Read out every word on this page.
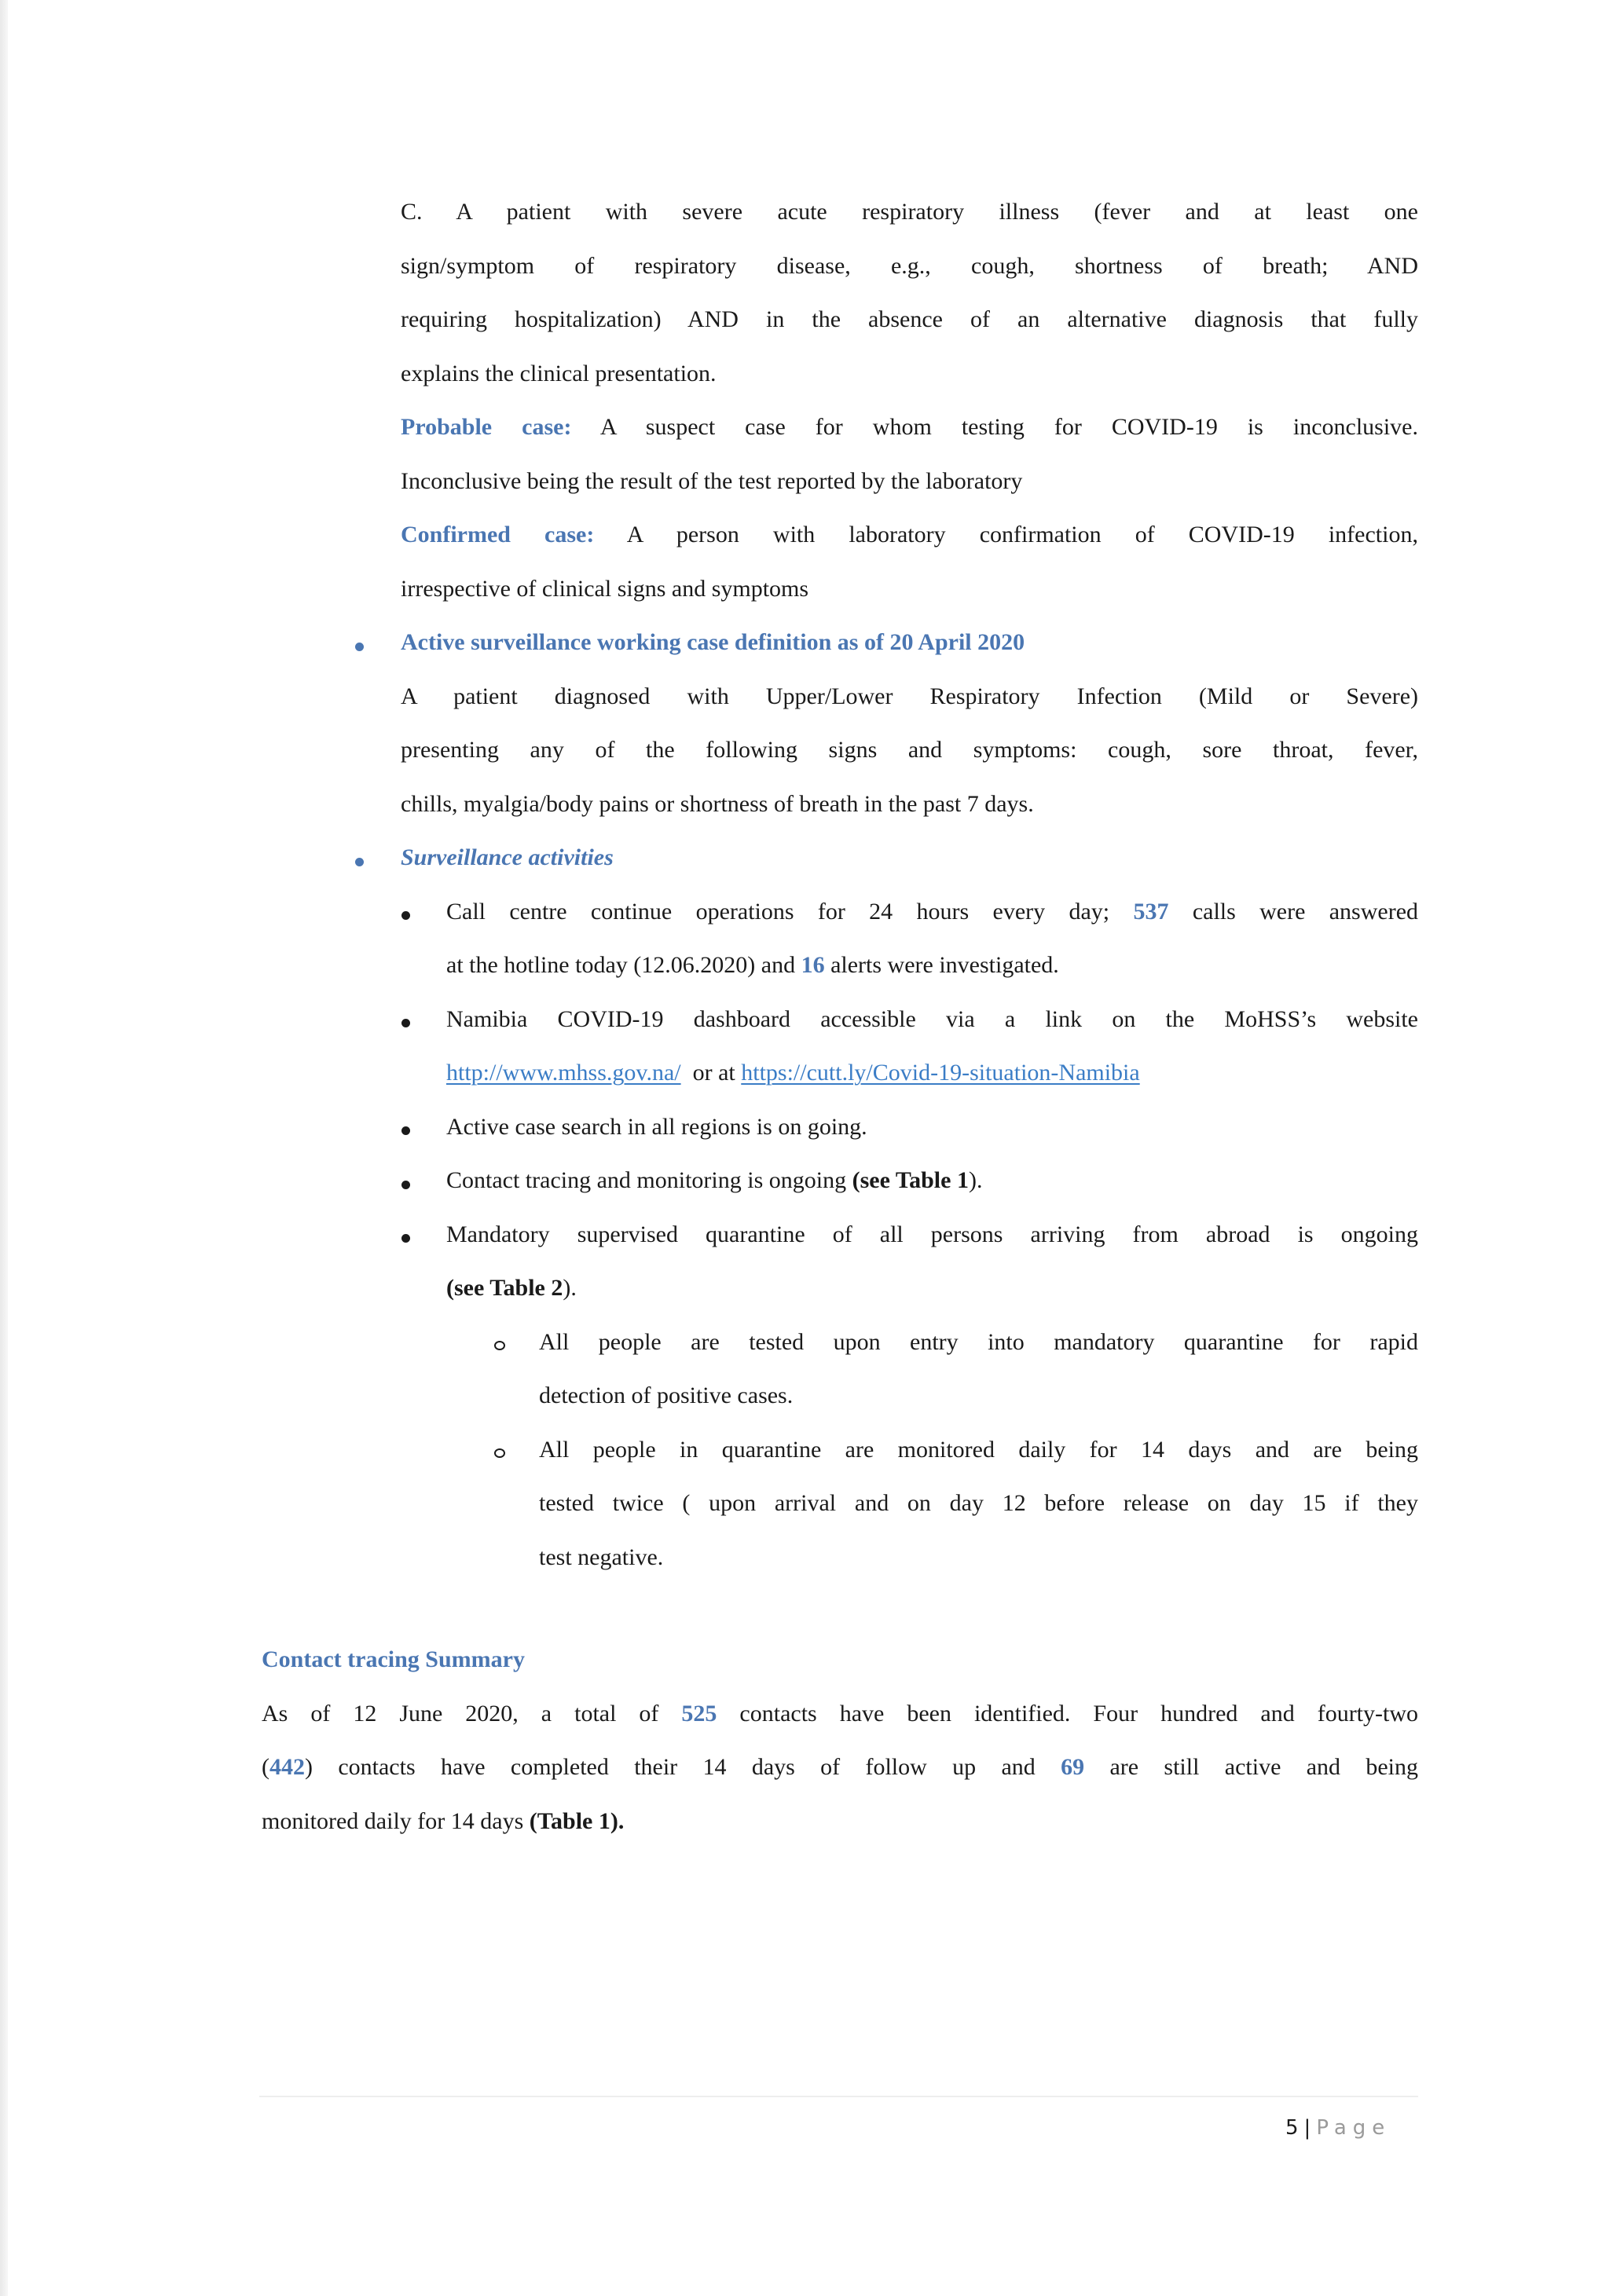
C. A patient with severe acute respiratory illness (fever and at least one
sign/symptom of respiratory disease, e.g., cough, shortness of breath; AND
requiring hospitalization) AND in the absence of an alternative diagnosis that fully
explains the clinical presentation.
Probable case: A suspect case for whom testing for COVID-19 is inconclusive.
Inconclusive being the result of the test reported by the laboratory
Confirmed case: A person with laboratory confirmation of COVID-19 infection,
irrespective of clinical signs and symptoms
Active surveillance working case definition as of 20 April 2020
A patient diagnosed with Upper/Lower Respiratory Infection (Mild or Severe)
presenting any of the following signs and symptoms: cough, sore throat, fever,
chills, myalgia/body pains or shortness of breath in the past 7 days.
Surveillance activities
Call centre continue operations for 24 hours every day; 537 calls were answered
at the hotline today (12.06.2020) and 16 alerts were investigated.
Namibia COVID-19 dashboard accessible via a link on the MoHSS’s website
http://www.mhss.gov.na/ or at https://cutt.ly/Covid-19-situation-Namibia
Active case search in all regions is on going.
Contact tracing and monitoring is ongoing (see Table 1).
Mandatory supervised quarantine of all persons arriving from abroad is ongoing
(see Table 2).
All people are tested upon entry into mandatory quarantine for rapid
detection of positive cases.
All people in quarantine are monitored daily for 14 days and are being
tested twice ( upon arrival and on day 12 before release on day 15 if they
test negative.
Contact tracing Summary
As of 12 June 2020, a total of 525 contacts have been identified. Four hundred and fourty-two
(442) contacts have completed their 14 days of follow up and 69 are still active and being
monitored daily for 14 days (Table 1).
5 | Page
